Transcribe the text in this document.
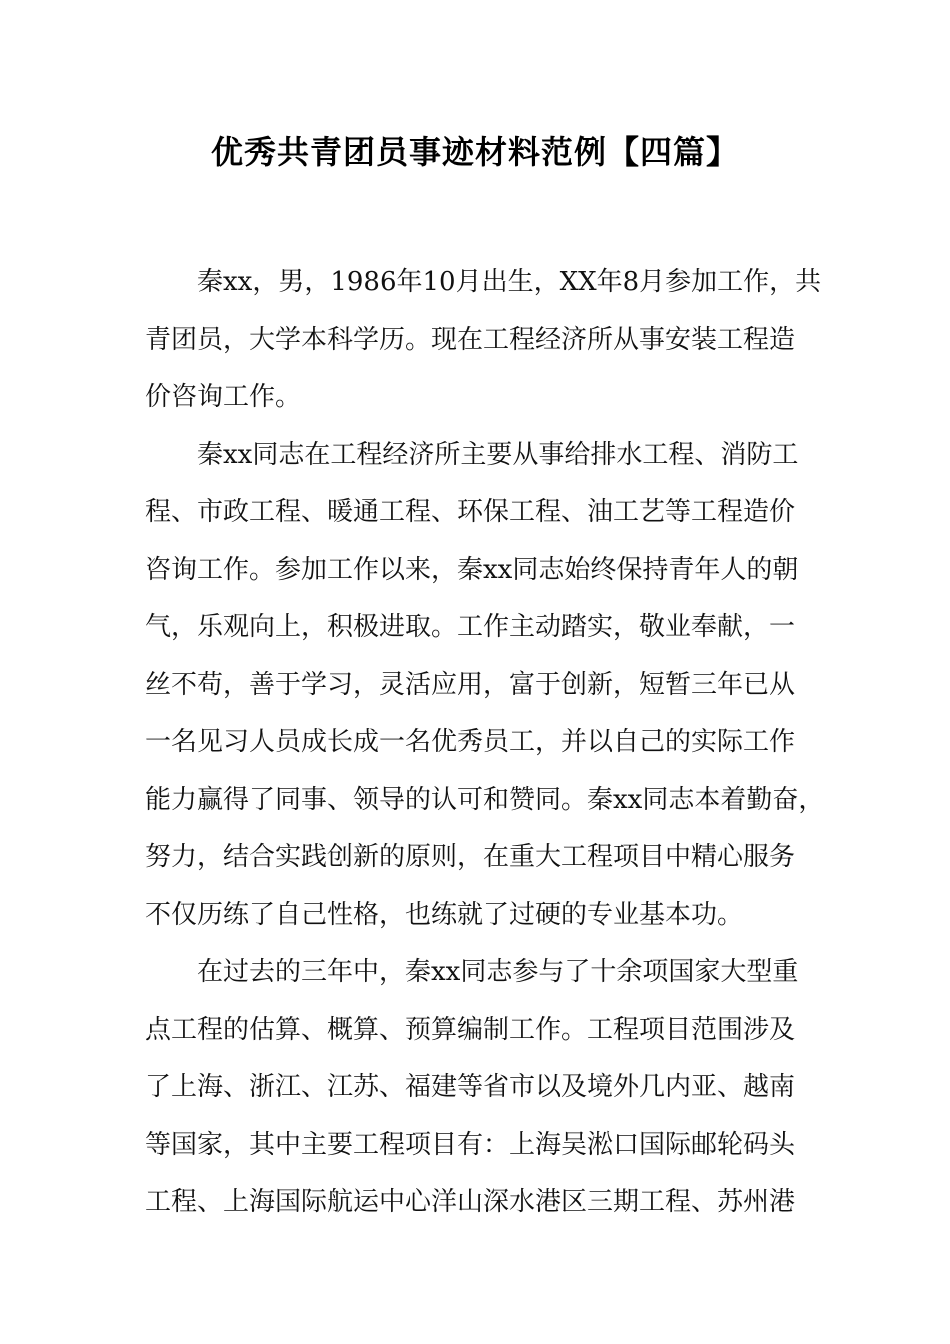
优秀共青团员事迹材料范例【四篇】
秦xx，男，1986年10月出生，XX年8月参加工作，共
青团员，大学本科学历。现在工程经济所从事安装工程造
价咨询工作。
秦xx同志在工程经济所主要从事给排水工程、消防工
程、市政工程、暖通工程、环保工程、油工艺等工程造价
咨询工作。参加工作以来，秦xx同志始终保持青年人的朝
气，乐观向上，积极进取。工作主动踏实，敬业奉献，一
丝不苟，善于学习，灵活应用，富于创新，短暂三年已从
一名见习人员成长成一名优秀员工，并以自己的实际工作
能力赢得了同事、领导的认可和赞同。秦xx同志本着勤奋，
努力，结合实践创新的原则，在重大工程项目中精心服务
不仅历练了自己性格，也练就了过硬的专业基本功。
在过去的三年中，秦xx同志参与了十余项国家大型重
点工程的估算、概算、预算编制工作。工程项目范围涉及
了上海、浙江、江苏、福建等省市以及境外几内亚、越南
等国家，其中主要工程项目有：上海吴淞口国际邮轮码头
工程、上海国际航运中心洋山深水港区三期工程、苏州港
